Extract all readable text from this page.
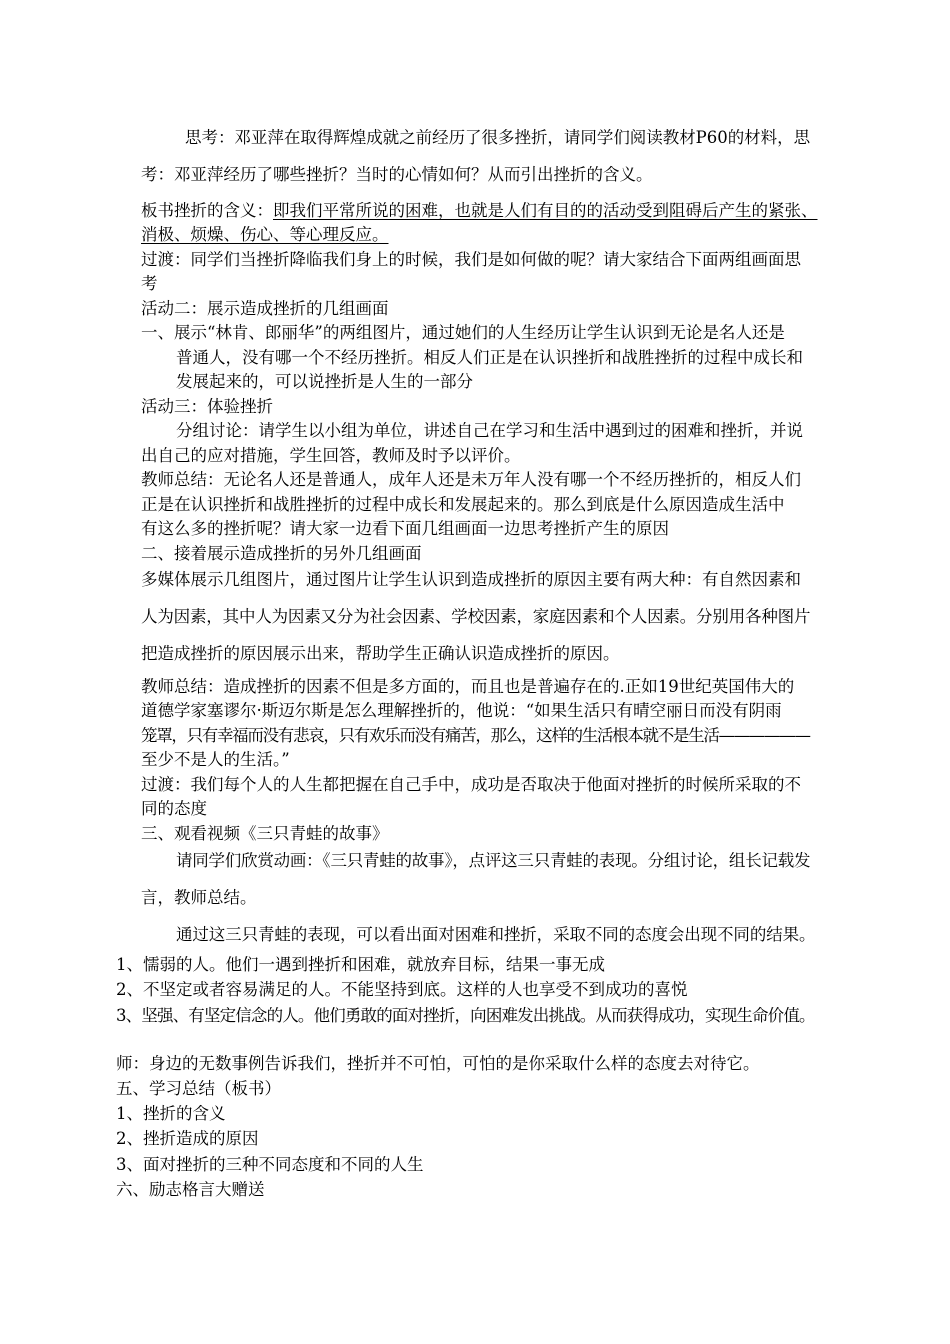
思考：邓亚萍在取得辉煌成就之前经历了很多挫折，请同学们阅读教材P60的材料，思
考：邓亚萍经历了哪些挫折？当时的心情如何？从而引出挫折的含义。
板书挫折的含义：即我们平常所说的困难，也就是人们有目的的活动受到阻碍后产生的紧张、
消极、烦燥、伤心、等心理反应。
过渡：同学们当挫折降临我们身上的时候，我们是如何做的呢？请大家结合下面两组画面思
考
活动二：展示造成挫折的几组画面
一、展示“林肯、郎丽华”的两组图片，通过她们的人生经历让学生认识到无论是名人还是
普通人，没有哪一个不经历挫折。相反人们正是在认识挫折和战胜挫折的过程中成长和
发展起来的，可以说挫折是人生的一部分
活动三：体验挫折
分组讨论：请学生以小组为单位，讲述自己在学习和生活中遇到过的困难和挫折，并说
出自己的应对措施，学生回答，教师及时予以评价。
教师总结：无论名人还是普通人，成年人还是未万年人没有哪一个不经历挫折的，相反人们
正是在认识挫折和战胜挫折的过程中成长和发展起来的。那么到底是什么原因造成生活中
有这么多的挫折呢？请大家一边看下面几组画面一边思考挫折产生的原因
二、接着展示造成挫折的另外几组画面
多媒体展示几组图片，通过图片让学生认识到造成挫折的原因主要有两大种：有自然因素和
人为因素，其中人为因素又分为社会因素、学校因素，家庭因素和个人因素。分别用各种图片
把造成挫折的原因展示出来，帮助学生正确认识造成挫折的原因。
教师总结：造成挫折的因素不但是多方面的，而且也是普遍存在的.正如19世纪英国伟大的
道德学家塞谬尔·斯迈尔斯是怎么理解挫折的，他说：“如果生活只有晴空丽日而没有阴雨
笼罩，只有幸福而没有悲哀，只有欢乐而没有痛苦，那么，这样的生活根本就不是生活——————
至少不是人的生活。”
过渡：我们每个人的人生都把握在自己手中，成功是否取决于他面对挫折的时候所采取的不
同的态度
三、观看视频《三只青蛙的故事》
请同学们欣赏动画：《三只青蛙的故事》，点评这三只青蛙的表现。分组讨论，组长记载发
言，教师总结。
通过这三只青蛙的表现，可以看出面对困难和挫折，采取不同的态度会出现不同的结果。
1、懦弱的人。他们一遇到挫折和困难，就放弃目标，结果一事无成
2、不坚定或者容易满足的人。不能坚持到底。这样的人也享受不到成功的喜悦
3、坚强、有坚定信念的人。他们勇敢的面对挫折，向困难发出挑战。从而获得成功，实现生命价值。
师：身边的无数事例告诉我们，挫折并不可怕，可怕的是你采取什么样的态度去对待它。
五、学习总结（板书）
1、挫折的含义
2、挫折造成的原因
3、面对挫折的三种不同态度和不同的人生
六、励志格言大赠送
